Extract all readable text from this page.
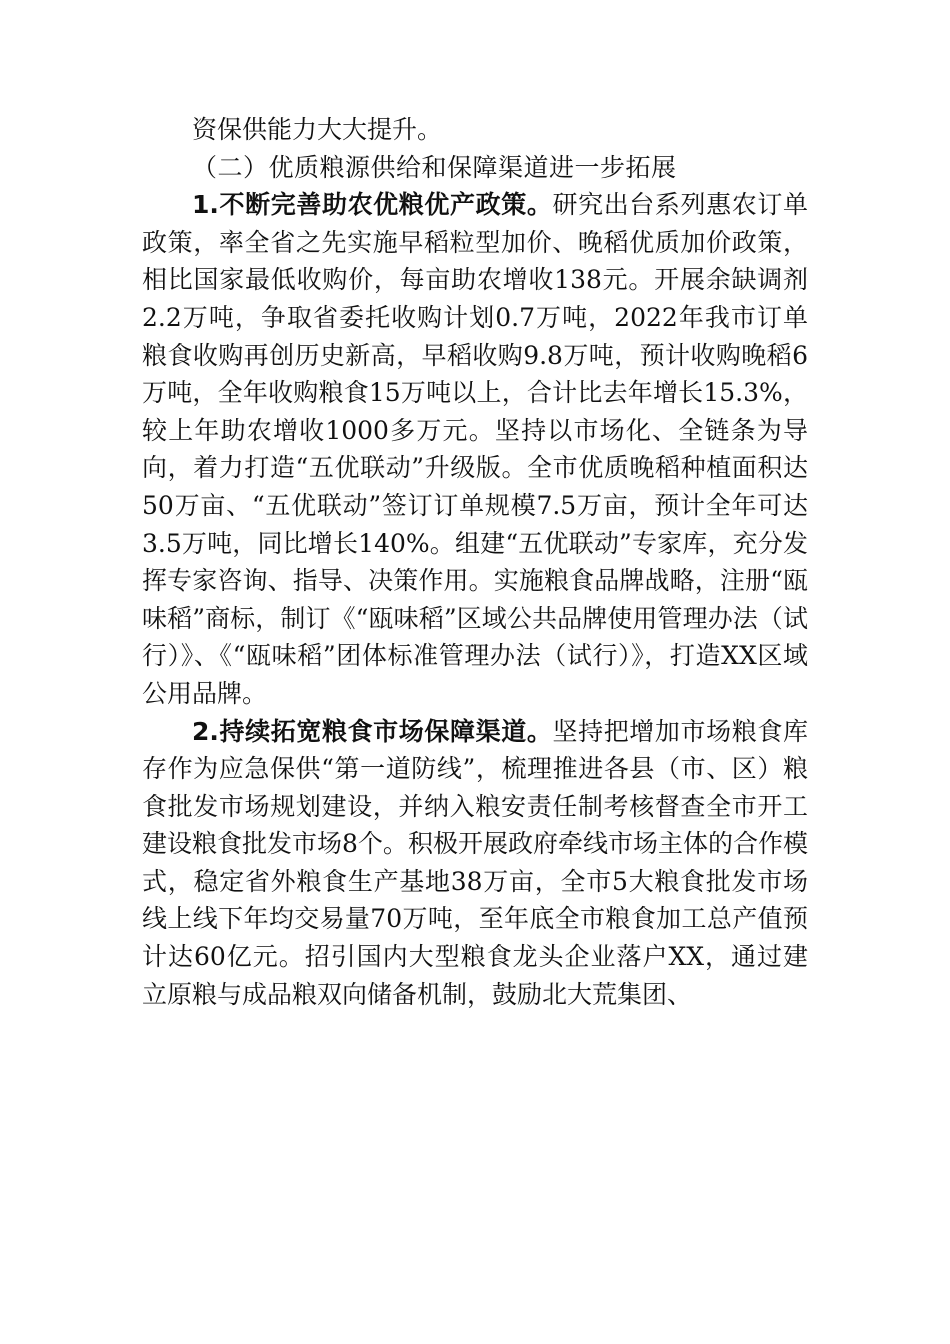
资保供能力大大提升。

（二）优质粮源供给和保障渠道进一步拓展

1.不断完善助农优粮优产政策。研究出台系列惠农订单政策，率全省之先实施早稻粒型加价、晚稻优质加价政策，相比国家最低收购价，每亩助农增收138元。开展余缺调剂2.2万吨，争取省委托收购计划0.7万吨，2022年我市订单粮食收购再创历史新高，早稻收购9.8万吨，预计收购晚稻6万吨，全年收购粮食15万吨以上，合计比去年增长15.3%，较上年助农增收1000多万元。坚持以市场化、全链条为导向，着力打造“五优联动”升级版。全市优质晚稻种植面积达50万亩、“五优联动”签订订单规模7.5万亩，预计全年可达3.5万吨，同比增长140%。组建“五优联动”专家库，充分发挥专家咨询、指导、决策作用。实施粮食品牌战略，注册“瓯味稻”商标，制订《“瓯味稻”区域公共品牌使用管理办法（试行）》、《“瓯味稻”团体标准管理办法（试行）》，打造XX区域公用品牌。

2.持续拓宽粮食市场保障渠道。坚持把增加市场粮食库存作为应急保供“第一道防线”，梳理推进各县（市、区）粮食批发市场规划建设，并纳入粮安责任制考核督查全市开工建设粮食批发市场8个。积极开展政府牵线市场主体的合作模式，稳定省外粮食生产基地38万亩，全市5大粮食批发市场线上线下年均交易量70万吨，至年底全市粮食加工总产值预计达60亿元。招引国内大型粮食龙头企业落户XX，通过建立原粮与成品粮双向储备机制，鼓励北大荒集团、
